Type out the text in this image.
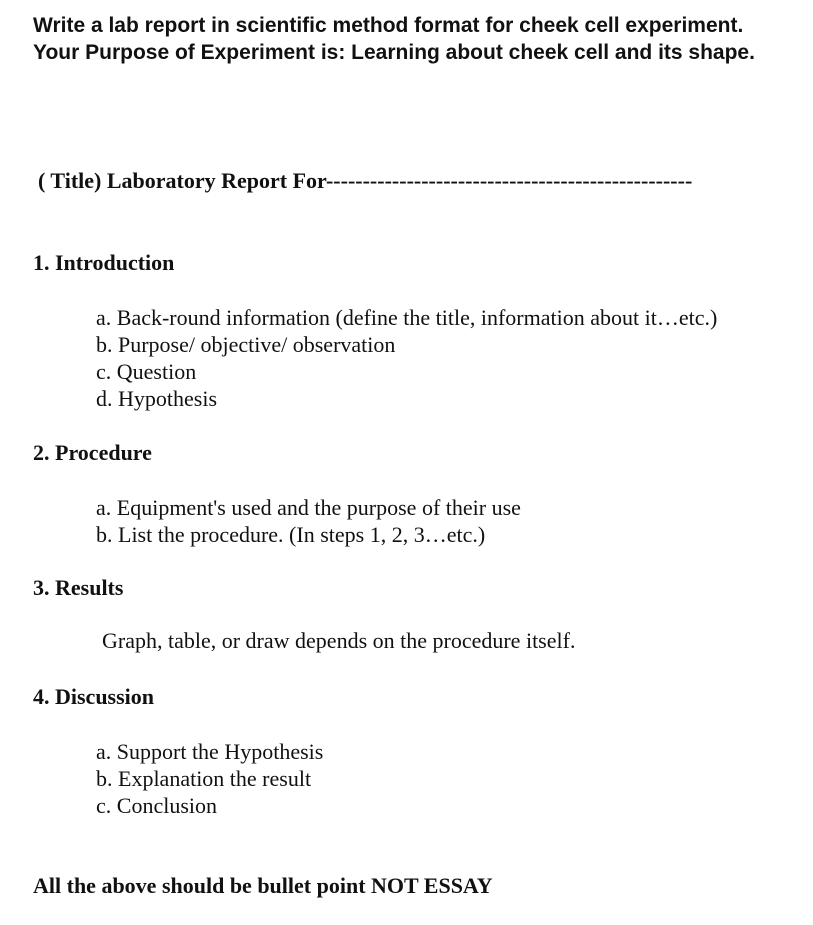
Write a lab report in scientific method format for cheek cell experiment.
Your Purpose of Experiment is: Learning about cheek cell and its shape.
( Title) Laboratory Report For--------------------------------------------------
1. Introduction
a. Back-round information (define the title, information about it…etc.)
b. Purpose/ objective/ observation
c. Question
d. Hypothesis
2. Procedure
a. Equipment's used and the purpose of their use
b. List the procedure. (In steps 1, 2, 3…etc.)
3. Results
Graph, table, or draw depends on the procedure itself.
4. Discussion
a. Support the Hypothesis
b. Explanation the result
c. Conclusion
All the above should be bullet point NOT ESSAY
